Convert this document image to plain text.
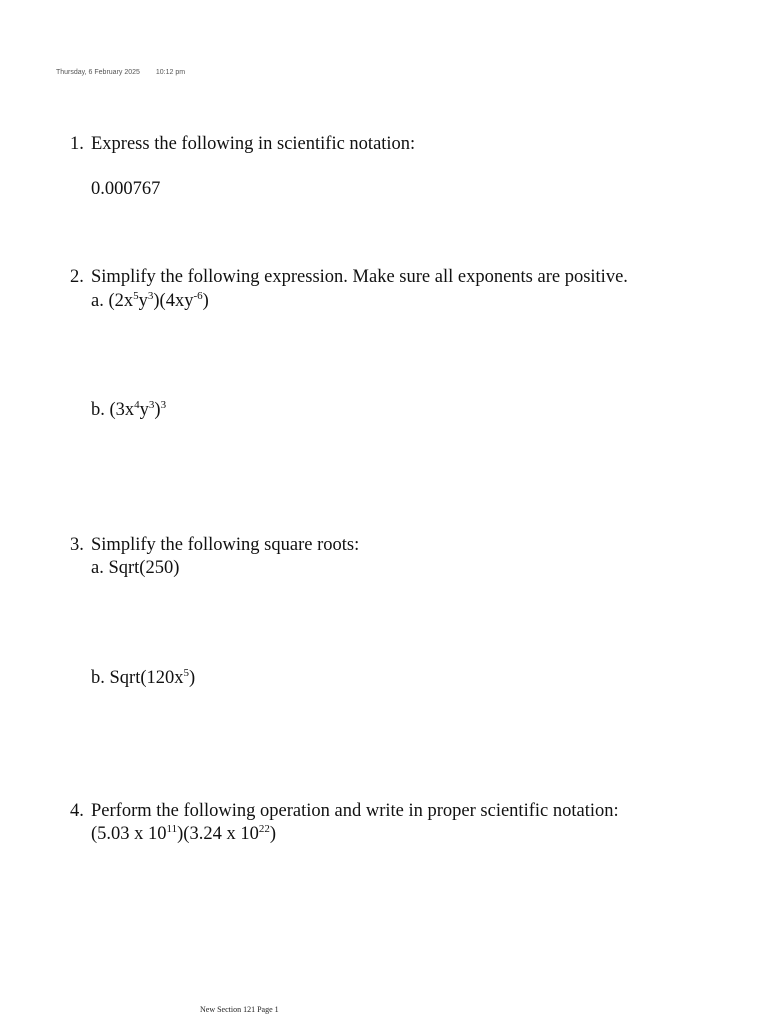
Thursday, 6 February 2025 10:12 pm
1. Express the following in scientific notation:
0.000767
2. Simplify the following expression. Make sure all exponents are positive.
a. $(2x^5y^3)(4xy^{-6})$
b. $(3x^4y^3)^3$
3. Simplify the following square roots:
a. Sqrt(250)
b. $Sqrt(120x^5)$
4. Perform the following operation and write in proper scientific notation:
(5.03 x $10^{11})(3.24$ x $10^{22}$)
New Section 121 Page 1
